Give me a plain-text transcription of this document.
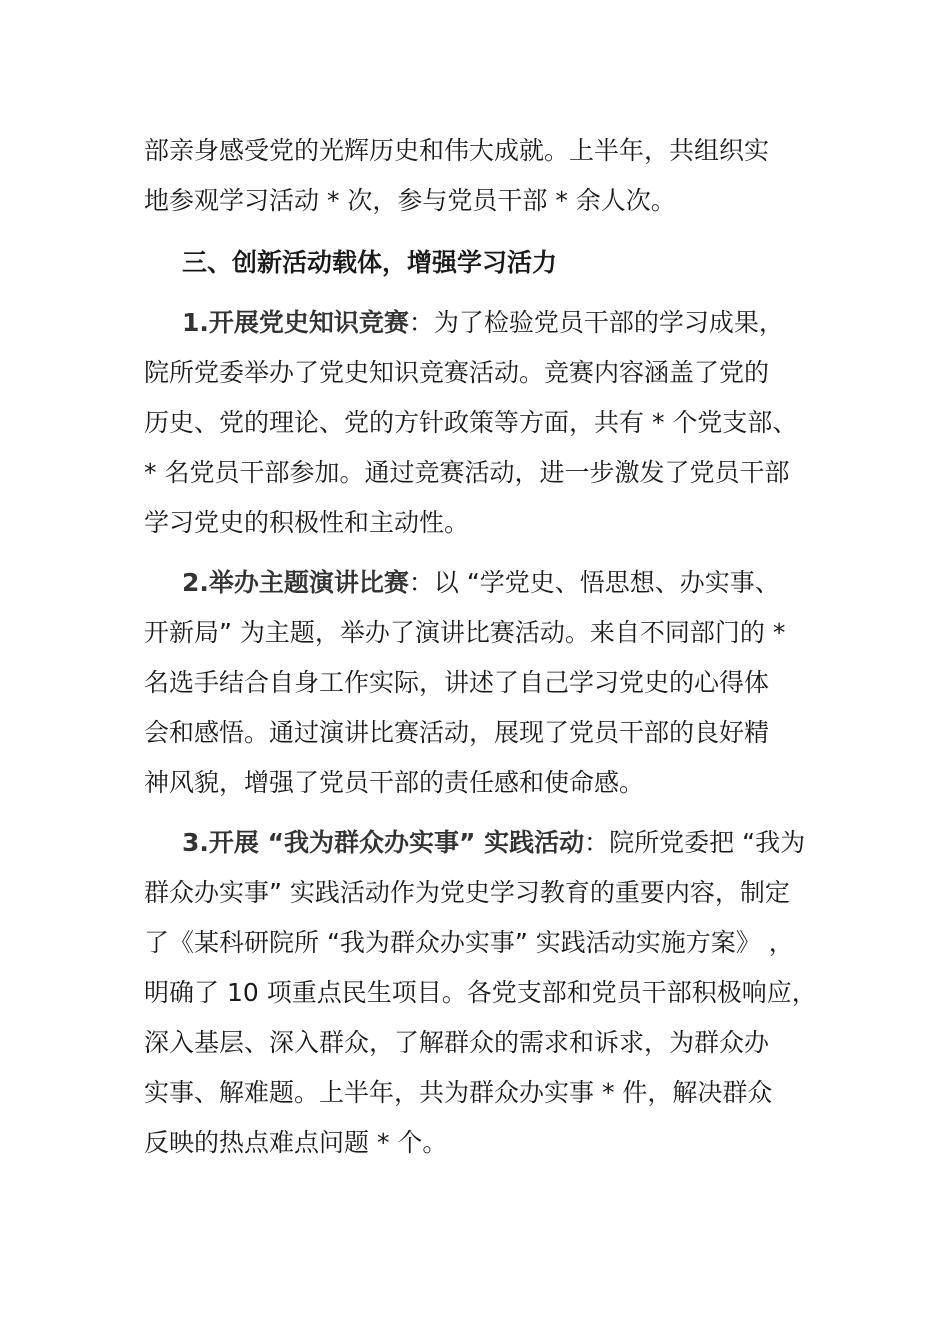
部亲身感受党的光辉历史和伟大成就。上半年，共组织实
地参观学习活动 * 次，参与党员干部 * 余人次。

三、创新活动载体，增强学习活力

1.开展党史知识竞赛：为了检验党员干部的学习成果，
院所党委举办了党史知识竞赛活动。竞赛内容涵盖了党的
历史、党的理论、党的方针政策等方面，共有 * 个党支部、
* 名党员干部参加。通过竞赛活动，进一步激发了党员干部
学习党史的积极性和主动性。

2.举办主题演讲比赛：以 “学党史、悟思想、办实事、
开新局” 为主题，举办了演讲比赛活动。来自不同部门的 *
名选手结合自身工作实际，讲述了自己学习党史的心得体
会和感悟。通过演讲比赛活动，展现了党员干部的良好精
神风貌，增强了党员干部的责任感和使命感。

3.开展 “我为群众办实事” 实践活动：院所党委把 “我为
群众办实事” 实践活动作为党史学习教育的重要内容，制定
了《某科研院所 “我为群众办实事” 实践活动实施方案》 ，
明确了 10 项重点民生项目。各党支部和党员干部积极响应，
深入基层、深入群众，了解群众的需求和诉求，为群众办
实事、解难题。上半年，共为群众办实事 * 件，解决群众
反映的热点难点问题 * 个。
